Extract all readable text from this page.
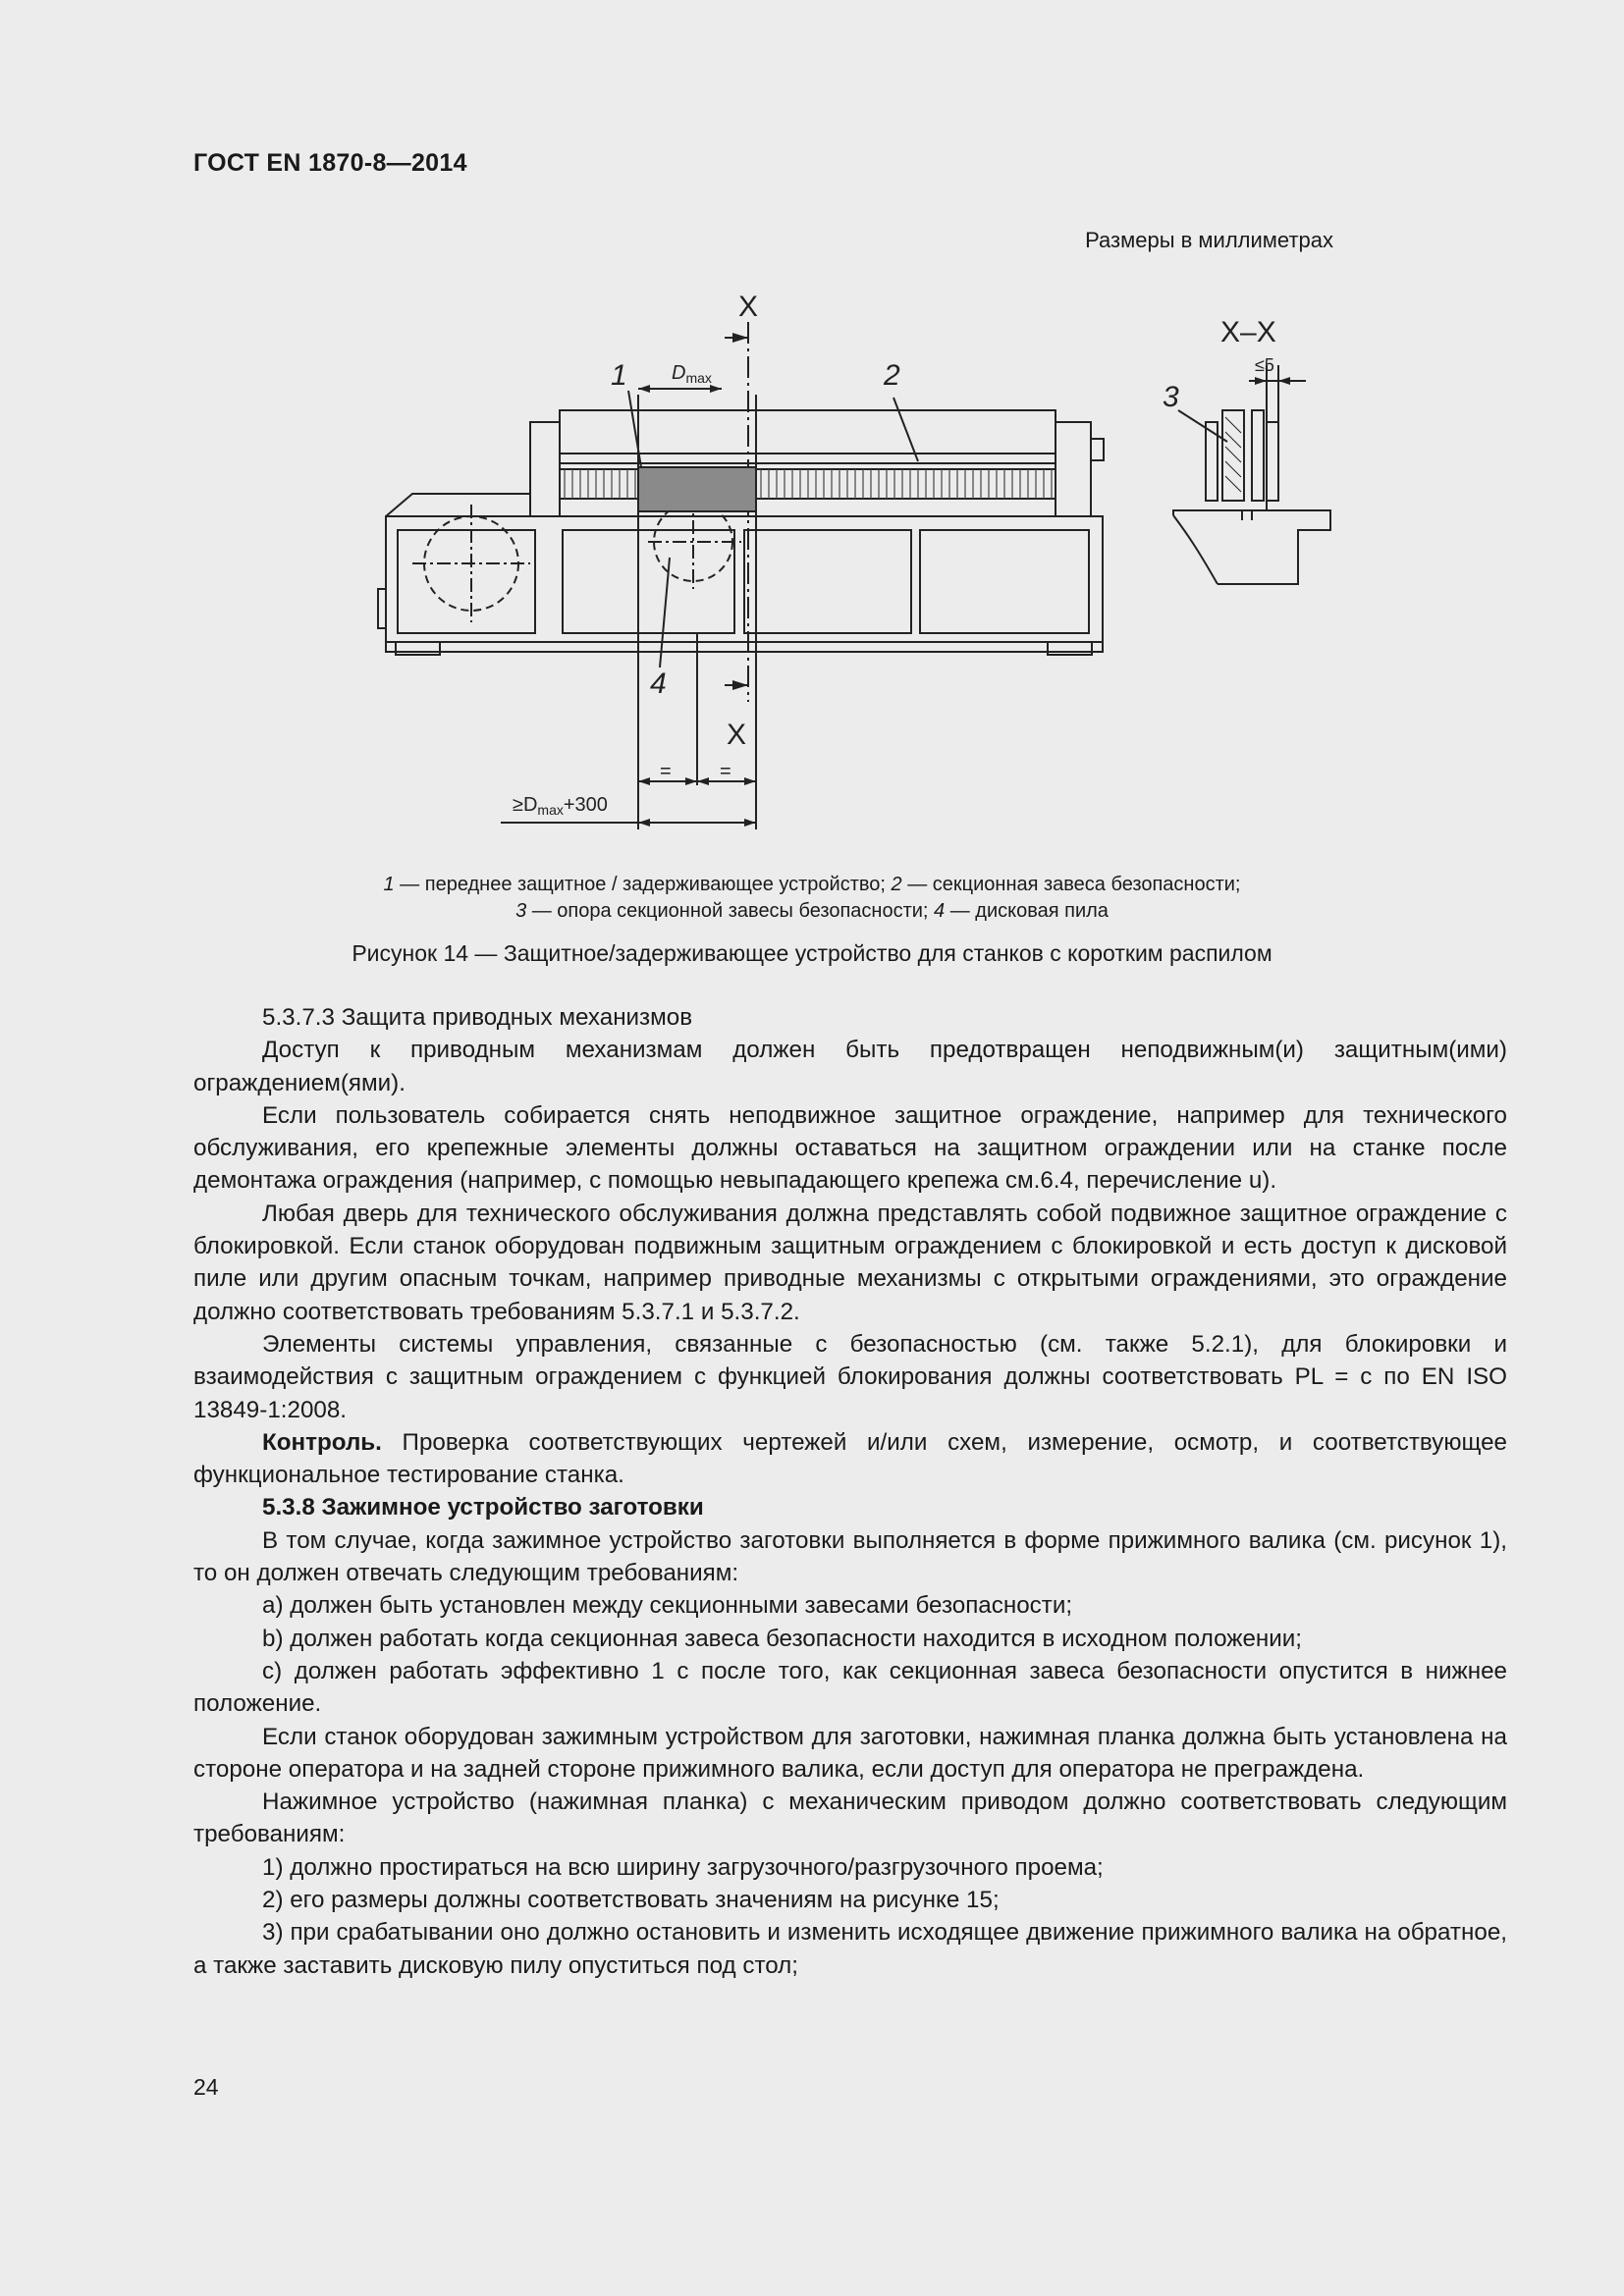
ГОСТ EN 1870-8—2014
Размеры в миллиметрах
X
X
X–X
1	2
3
4
$D_{max}$
≤5
= =
$\ge D_{max}+300$
1 — переднее защитное / задерживающее устройство; 2 — секционная завеса безопасности;
3 — опора секционной завесы безопасности; 4 — дисковая пила
Рисунок 14 — Защитное/задерживающее устройство для станков с коротким распилом

5.3.7.3 Защита приводных механизмов

Доступ к приводным механизмам должен быть предотвращен неподвижным(и) защитным(ими) ограждением(ями).

Если пользователь собирается снять неподвижное защитное ограждение, например для технического обслуживания, его крепежные элементы должны оставаться на защитном ограждении или на станке после демонтажа ограждения (например, с помощью невыпадающего крепежа см.6.4, перечисление u).

Любая дверь для технического обслуживания должна представлять собой подвижное защитное ограждение с блокировкой. Если станок оборудован подвижным защитным ограждением с блокировкой и есть доступ к дисковой пиле или другим опасным точкам, например приводные механизмы с открытыми ограждениями, это ограждение должно соответствовать требованиям 5.3.7.1 и 5.3.7.2.

Элементы системы управления, связанные с безопасностью (см. также 5.2.1), для блокировки и взаимодействия с защитным ограждением с функцией блокирования должны соответствовать PL = c по EN ISO 13849-1:2008.

Контроль. Проверка соответствующих чертежей и/или схем, измерение, осмотр, и соответствующее функциональное тестирование станка.

5.3.8 Зажимное устройство заготовки

В том случае, когда зажимное устройство заготовки выполняется в форме прижимного валика (см. рисунок 1), то он должен отвечать следующим требованиям:

a) должен быть установлен между секционными завесами безопасности;

b) должен работать когда секционная завеса безопасности находится в исходном положении;

c) должен работать эффективно 1 с после того, как секционная завеса безопасности опустится в нижнее положение.

Если станок оборудован зажимным устройством для заготовки, нажимная планка должна быть установлена на стороне оператора и на задней стороне прижимного валика, если доступ для оператора не преграждена.

Нажимное устройство (нажимная планка) с механическим приводом должно соответствовать следующим требованиям:

1) должно простираться на всю ширину загрузочного/разгрузочного проема;

2) его размеры должны соответствовать значениям на рисунке 15;

3) при срабатывании оно должно остановить и изменить исходящее движение прижимного валика на обратное, а также заставить дисковую пилу опуститься под стол;

24
